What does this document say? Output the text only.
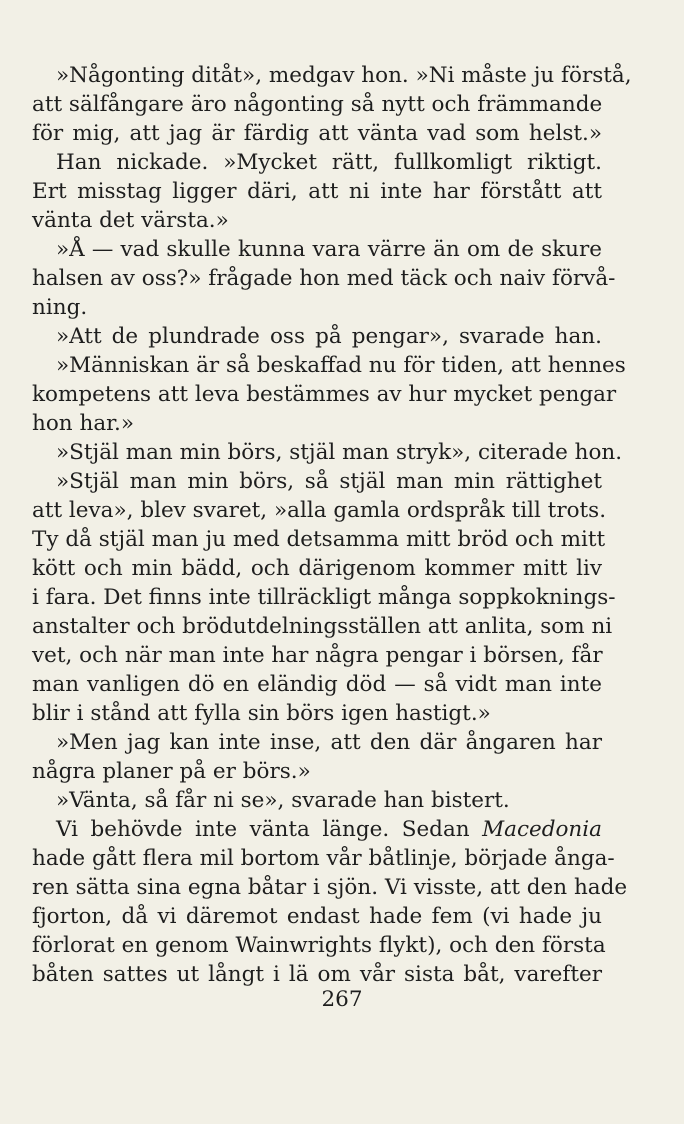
»Någonting ditåt», medgav hon. »Ni måste ju förstå,
att sälfångare äro någonting så nytt och främmande
för mig, att jag är färdig att vänta vad som helst.»
Han nickade. »Mycket rätt, fullkomligt riktigt.
Ert misstag ligger däri, att ni inte har förstått att
vänta det värsta.»
»Å — vad skulle kunna vara värre än om de skure
halsen av oss?» frågade hon med täck och naiv förvå-
ning.
»Att de plundrade oss på pengar», svarade han.
»Människan är så beskaffad nu för tiden, att hennes
kompetens att leva bestämmes av hur mycket pengar
hon har.»
»Stjäl man min börs, stjäl man stryk», citerade hon.
»Stjäl man min börs, så stjäl man min rättighet
att leva», blev svaret, »alla gamla ordspråk till trots.
Ty då stjäl man ju med detsamma mitt bröd och mitt
kött och min bädd, och därigenom kommer mitt liv
i fara. Det finns inte tillräckligt många soppkoknings-
anstalter och brödutdelningsställen att anlita, som ni
vet, och när man inte har några pengar i börsen, får
man vanligen dö en eländig död — så vidt man inte
blir i stånd att fylla sin börs igen hastigt.»
»Men jag kan inte inse, att den där ångaren har
några planer på er börs.»
»Vänta, så får ni se», svarade han bistert.
Vi behövde inte vänta länge. Sedan Macedonia
hade gått flera mil bortom vår båtlinje, började ånga-
ren sätta sina egna båtar i sjön. Vi visste, att den hade
fjorton, då vi däremot endast hade fem (vi hade ju
förlorat en genom Wainwrights flykt), och den första
båten sattes ut långt i lä om vår sista båt, varefter
267
